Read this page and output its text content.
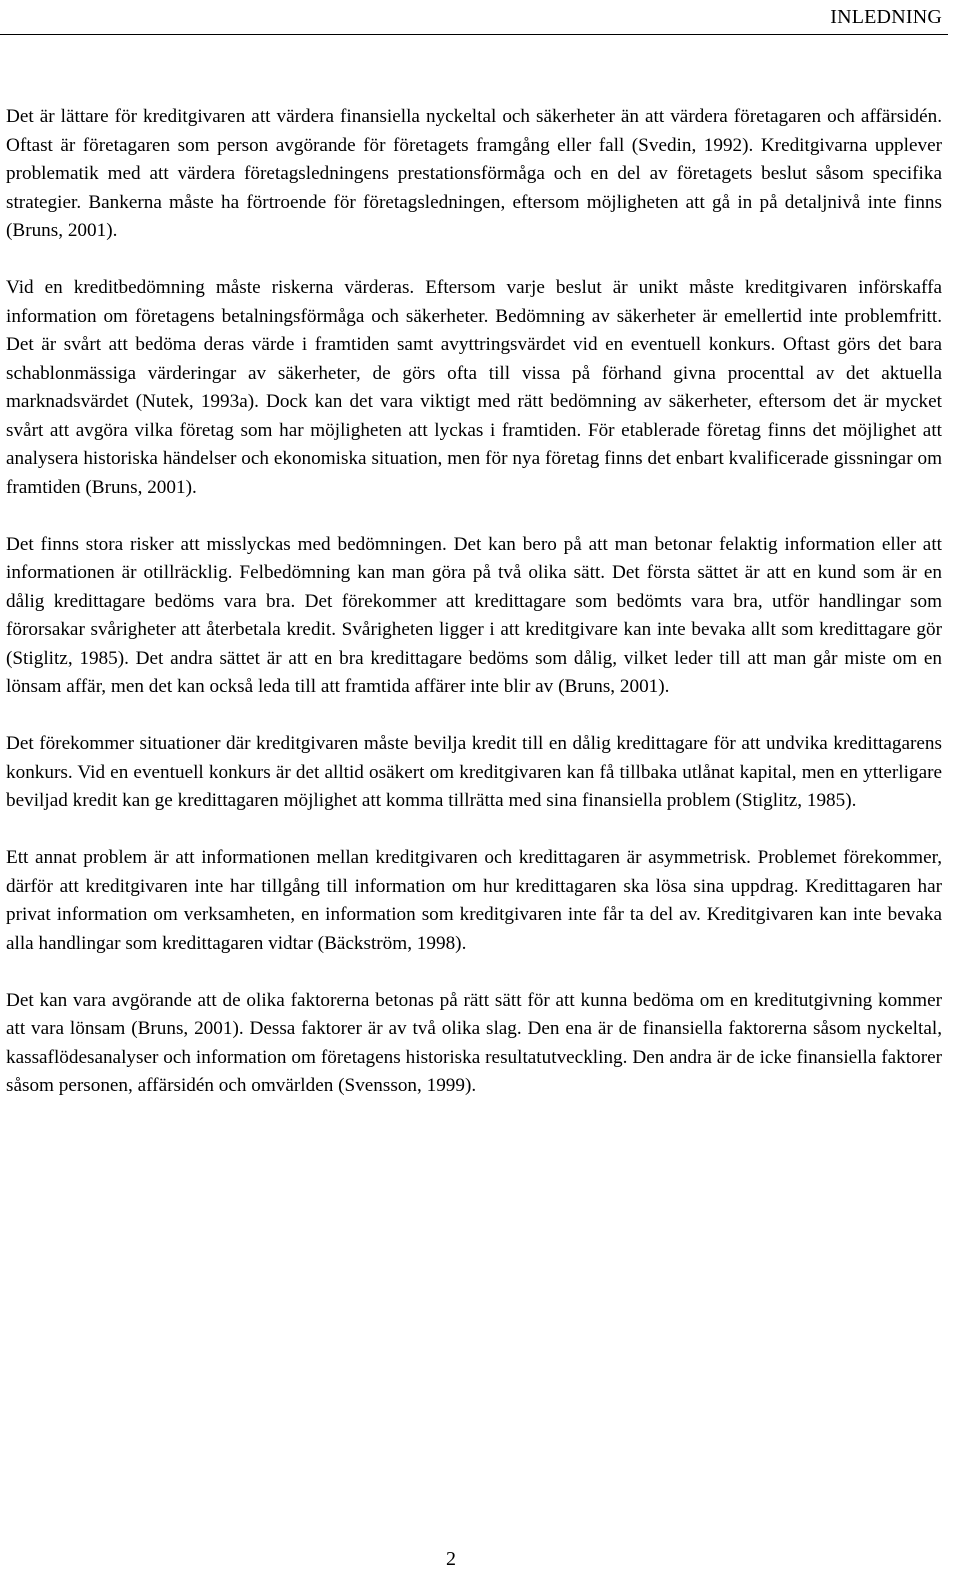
INLEDNING

Det är lättare för kreditgivaren att värdera finansiella nyckeltal och säkerheter än att värdera företagaren och affärsidén. Oftast är företagaren som person avgörande för företagets framgång eller fall (Svedin, 1992). Kreditgivarna upplever problematik med att värdera företagsledningens prestationsförmåga och en del av företagets beslut såsom specifika strategier. Bankerna måste ha förtroende för företagsledningen, eftersom möjligheten att gå in på detaljnivå inte finns (Bruns, 2001).

Vid en kreditbedömning måste riskerna värderas. Eftersom varje beslut är unikt måste kreditgivaren införskaffa information om företagens betalningsförmåga och säkerheter. Bedömning av säkerheter är emellertid inte problemfritt. Det är svårt att bedöma deras värde i framtiden samt avyttringsvärdet vid en eventuell konkurs. Oftast görs det bara schablonmässiga värderingar av säkerheter, de görs ofta till vissa på förhand givna procenttal av det aktuella marknadsvärdet (Nutek, 1993a). Dock kan det vara viktigt med rätt bedömning av säkerheter, eftersom det är mycket svårt att avgöra vilka företag som har möjligheten att lyckas i framtiden. För etablerade företag finns det möjlighet att analysera historiska händelser och ekonomiska situation, men för nya företag finns det enbart kvalificerade gissningar om framtiden (Bruns, 2001).

Det finns stora risker att misslyckas med bedömningen. Det kan bero på att man betonar felaktig information eller att informationen är otillräcklig. Felbedömning kan man göra på två olika sätt. Det första sättet är att en kund som är en dålig kredittagare bedöms vara bra. Det förekommer att kredittagare som bedömts vara bra, utför handlingar som förorsakar svårigheter att återbetala kredit. Svårigheten ligger i att kreditgivare kan inte bevaka allt som kredittagare gör (Stiglitz, 1985). Det andra sättet är att en bra kredittagare bedöms som dålig, vilket leder till att man går miste om en lönsam affär, men det kan också leda till att framtida affärer inte blir av (Bruns, 2001).

Det förekommer situationer där kreditgivaren måste bevilja kredit till en dålig kredittagare för att undvika kredittagarens konkurs. Vid en eventuell konkurs är det alltid osäkert om kreditgivaren kan få tillbaka utlånat kapital, men en ytterligare beviljad kredit kan ge kredittagaren möjlighet att komma tillrätta med sina finansiella problem (Stiglitz, 1985).

Ett annat problem är att informationen mellan kreditgivaren och kredittagaren är asymmetrisk. Problemet förekommer, därför att kreditgivaren inte har tillgång till information om hur kredittagaren ska lösa sina uppdrag. Kredittagaren har privat information om verksamheten, en information som kreditgivaren inte får ta del av. Kreditgivaren kan inte bevaka alla handlingar som kredittagaren vidtar (Bäckström, 1998).

Det kan vara avgörande att de olika faktorerna betonas på rätt sätt för att kunna bedöma om en kreditutgivning kommer att vara lönsam (Bruns, 2001). Dessa faktorer är av två olika slag. Den ena är de finansiella faktorerna såsom nyckeltal, kassaflödesanalyser och information om företagens historiska resultatutveckling. Den andra är de icke finansiella faktorer såsom personen, affärsidén och omvärlden (Svensson, 1999).

2
